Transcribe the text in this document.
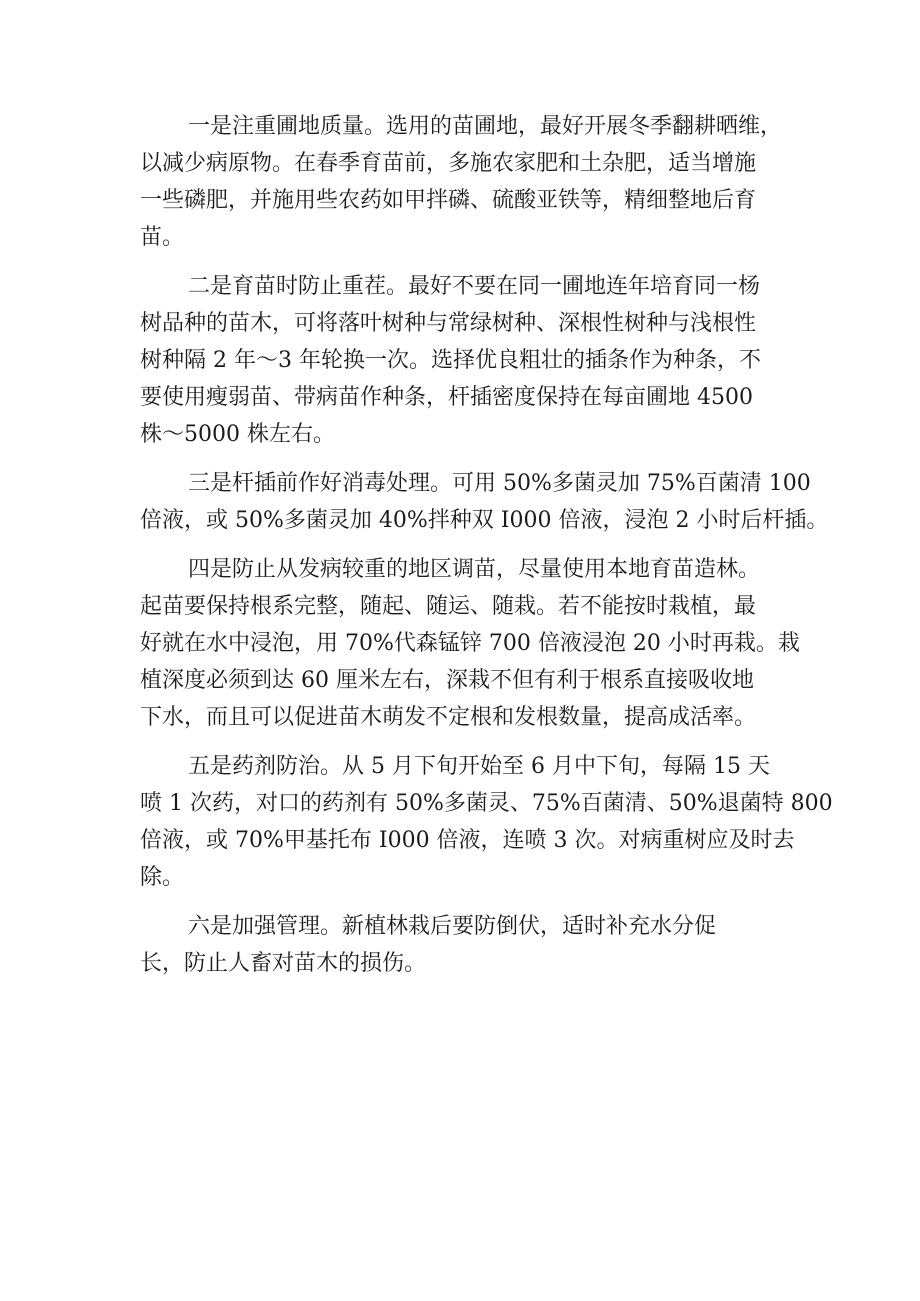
一是注重圃地质量。选用的苗圃地，最好开展冬季翻耕晒维，
以减少病原物。在春季育苗前，多施农家肥和土杂肥，适当增施
一些磷肥，并施用些农药如甲拌磷、硫酸亚铁等，精细整地后育
苗。
二是育苗时防止重茬。最好不要在同一圃地连年培育同一杨
树品种的苗木，可将落叶树种与常绿树种、深根性树种与浅根性
树种隔 2 年～3 年轮换一次。选择优良粗壮的插条作为种条，不
要使用瘦弱苗、带病苗作种条，杆插密度保持在每亩圃地 4500
株～5000 株左右。
三是杆插前作好消毒处理。可用 50%多菌灵加 75%百菌清 100
倍液，或 50%多菌灵加 40%拌种双 I000 倍液，浸泡 2 小时后杆插。
四是防止从发病较重的地区调苗，尽量使用本地育苗造林。
起苗要保持根系完整，随起、随运、随栽。若不能按时栽植，最
好就在水中浸泡，用 70%代森锰锌 700 倍液浸泡 20 小时再栽。栽
植深度必须到达 60 厘米左右，深栽不但有利于根系直接吸收地
下水，而且可以促进苗木萌发不定根和发根数量，提高成活率。
五是药剂防治。从 5 月下旬开始至 6 月中下旬，每隔 15 天
喷 1 次药，对口的药剂有 50%多菌灵、75%百菌清、50%退菌特 800
倍液，或 70%甲基托布 I000 倍液，连喷 3 次。对病重树应及时去
除。
六是加强管理。新植林栽后要防倒伏，适时补充水分促
长，防止人畜对苗木的损伤。
